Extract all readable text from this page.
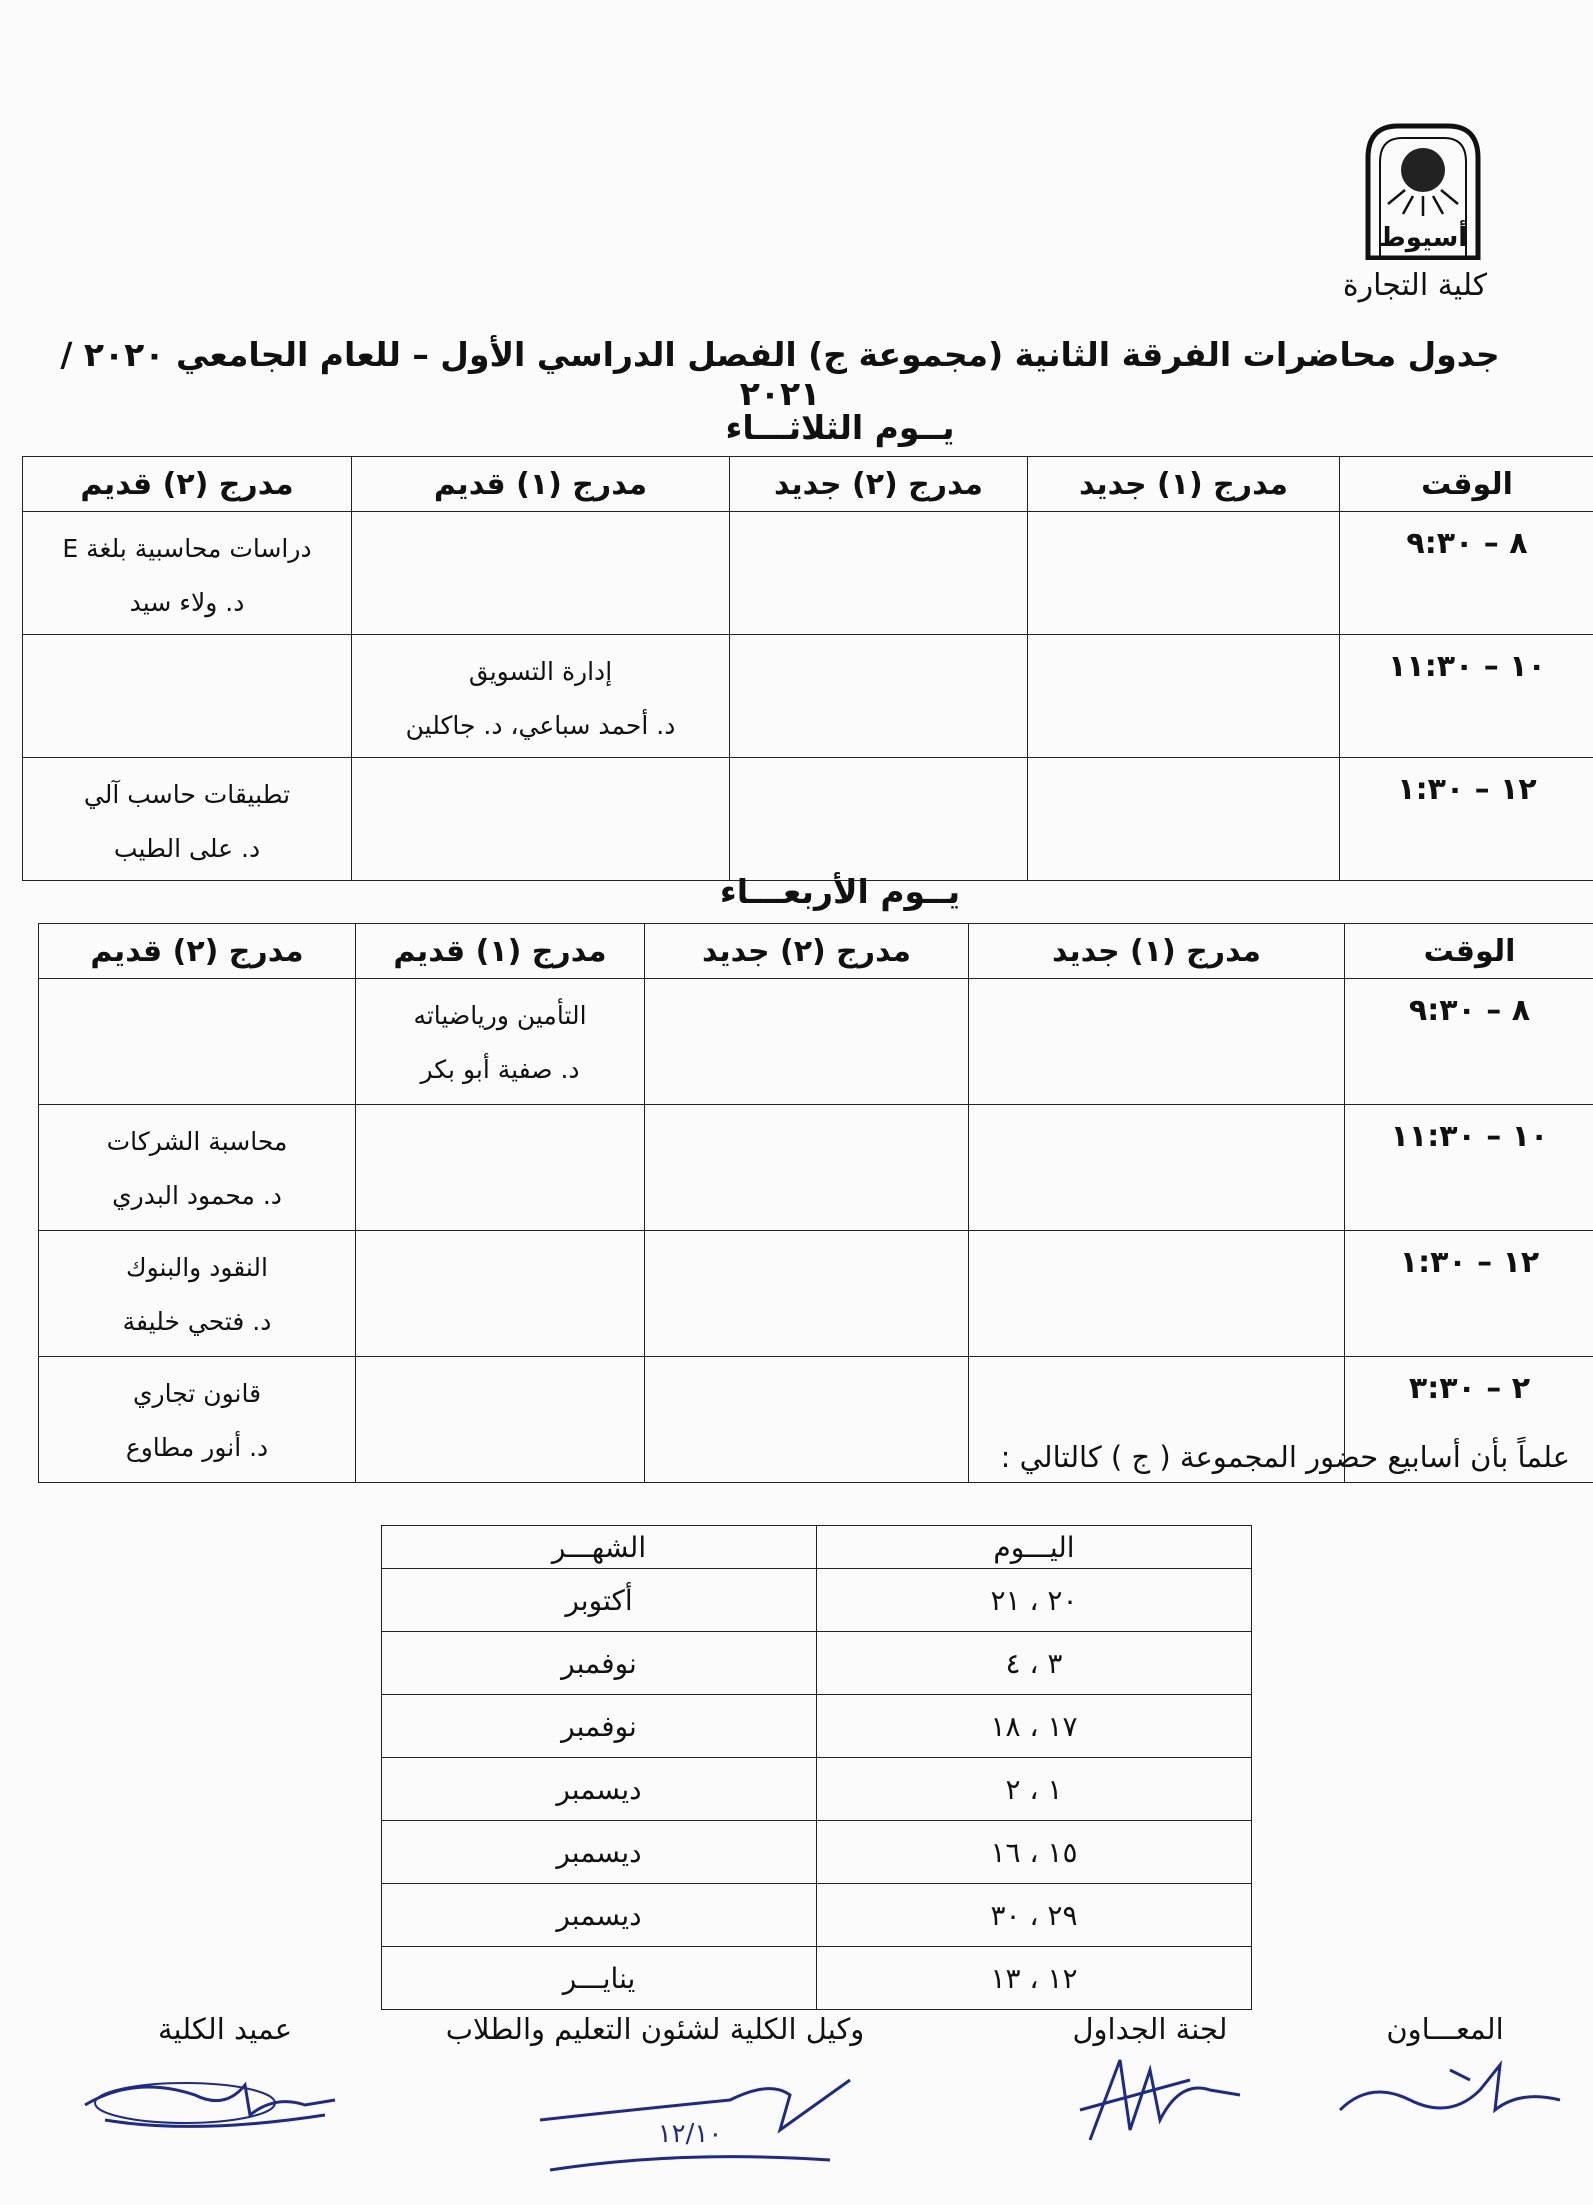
أسيوط
كلية التجارة
جدول محاضرات الفرقة الثانية (مجموعة ج) الفصل الدراسي الأول – للعام الجامعي ٢٠٢٠ / ٢٠٢١
يــوم الثلاثـــاء
الوقت	مدرج (١) جديد	مدرج (٢) جديد	مدرج (١) قديم	مدرج (٢) قديم
٨ – ٩:٣٠				دراسات محاسبية بلغة E
د. ولاء سيد

١٠ – ١١:٣٠			إدارة التسويق
د. أحمد سباعي، د. جاكلين	

١٢ – ١:٣٠				تطبيقات حاسب آلي
د. على الطيب
يــوم الأربعـــاء
الوقت	مدرج (١) جديد	مدرج (٢) جديد	مدرج (١) قديم	مدرج (٢) قديم
٨ – ٩:٣٠			التأمين ورياضياته
د. صفية أبو بكر	

١٠ – ١١:٣٠				محاسبة الشركات
د. محمود البدري

١٢ – ١:٣٠				النقود والبنوك
د. فتحي خليفة

٢ – ٣:٣٠				قانون تجاري
د. أنور مطاوع	علماً بأن أسابيع حضور المجموعة ( ج ) كالتالي :
اليـــوم	الشهـــر
٢٠ ، ٢١	أكتوبر
٣ ، ٤	نوفمبر
١٧ ، ١٨	نوفمبر
١ ، ٢	ديسمبر
١٥ ، ١٦	ديسمبر
٢٩ ، ٣٠	ديسمبر
١٢ ، ١٣	ينايـــر
المعـــاون
لجنة الجداول
وكيل الكلية لشئون التعليم والطلاب
عميد الكلية
١٢/١٠
